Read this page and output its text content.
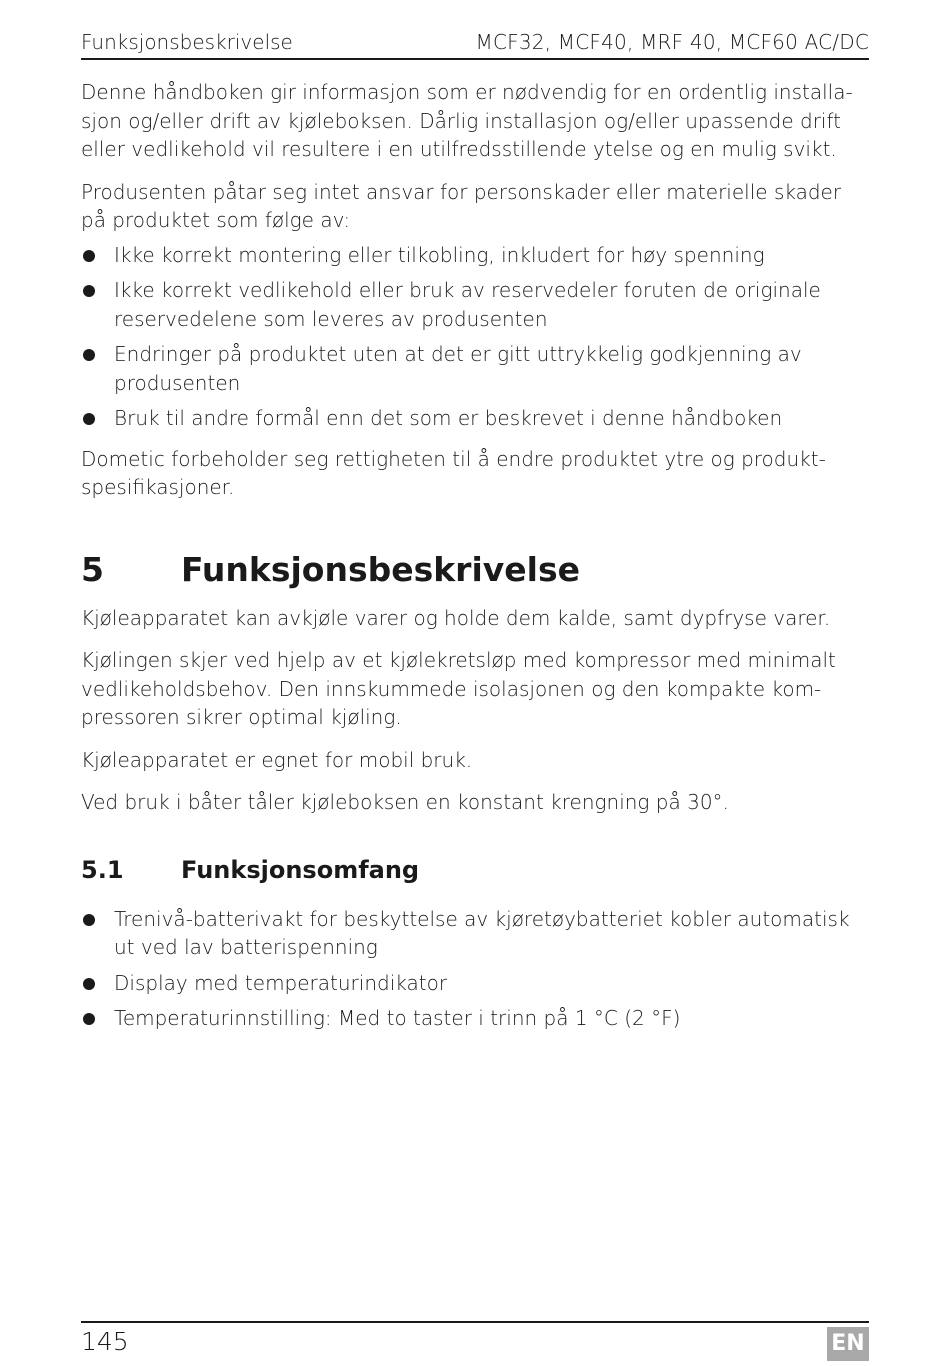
Funksjonsbeskrivelse	MCF32, MCF40, MRF 40, MCF60 AC/DC

Denne håndboken gir informasjon som er nødvendig for en ordentlig installa- sjon og/eller drift av kjøleboksen. Dårlig installasjon og/eller upassende drift eller vedlikehold vil resultere i en utilfredsstillende ytelse og en mulig svikt.

Produsenten påtar seg intet ansvar for personskader eller materielle skader på produktet som følge av:

Ikke korrekt montering eller tilkobling, inkludert for høy spenning
Ikke korrekt vedlikehold eller bruk av reservedeler foruten de originale reservedelene som leveres av produsenten
Endringer på produktet uten at det er gitt uttrykkelig godkjenning av produsenten
Bruk til andre formål enn det som er beskrevet i denne håndboken

Dometic forbeholder seg rettigheten til å endre produktet ytre og produkt- spesifikasjoner.

5	Funksjonsbeskrivelse

Kjøleapparatet kan avkjøle varer og holde dem kalde, samt dypfryse varer.

Kjølingen skjer ved hjelp av et kjølekretsløp med kompressor med minimalt vedlikeholdsbehov. Den innskummede isolasjonen og den kompakte kom- pressoren sikrer optimal kjøling.

Kjøleapparatet er egnet for mobil bruk.

Ved bruk i båter tåler kjøleboksen en konstant krengning på 30°.

5.1	Funksjonsomfang
Trenivå-batterivakt for beskyttelse av kjøretøybatteriet kobler automatisk ut ved lav batterispenning
Display med temperaturindikator
Temperaturinnstilling: Med to taster i trinn på 1 °C (2 °F)
145	EN
